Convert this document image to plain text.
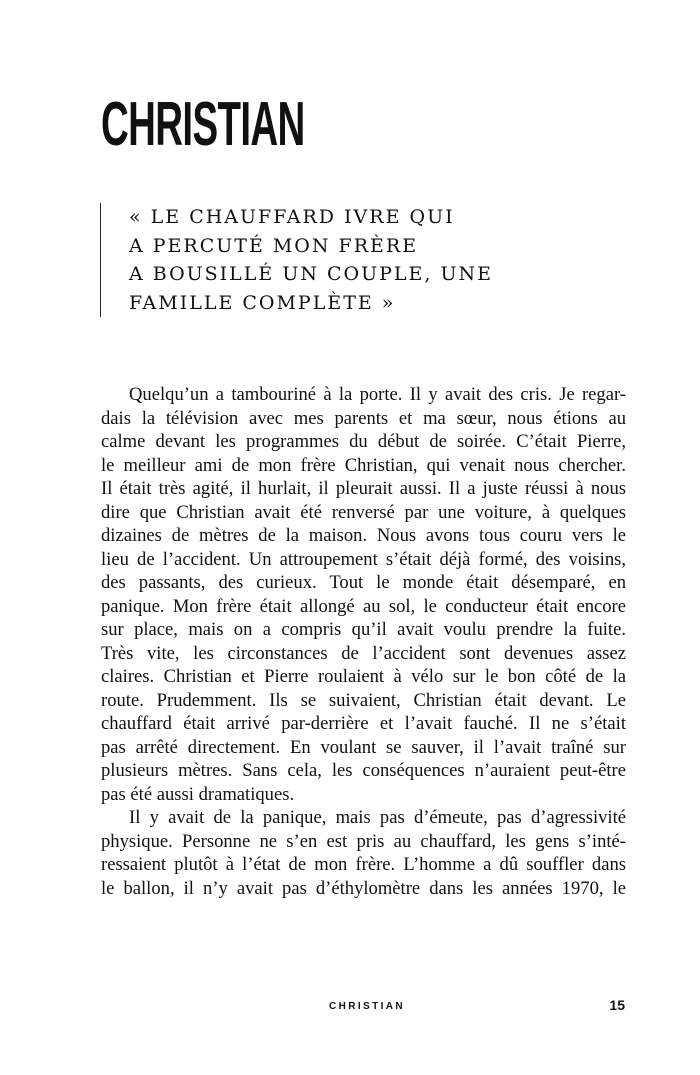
CHRISTIAN
« LE CHAUFFARD IVRE QUI
A PERCUTÉ MON FRÈRE
A BOUSILLÉ UN COUPLE, UNE
FAMILLE COMPLÈTE »
Quelqu’un a tambouriné à la porte. Il y avait des cris. Je regar-
dais la télévision avec mes parents et ma sœur, nous étions au
calme devant les programmes du début de soirée. C’était Pierre,
le meilleur ami de mon frère Christian, qui venait nous chercher.
Il était très agité, il hurlait, il pleurait aussi. Il a juste réussi à nous
dire que Christian avait été renversé par une voiture, à quelques
dizaines de mètres de la maison. Nous avons tous couru vers le
lieu de l’accident. Un attroupement s’était déjà formé, des voisins,
des passants, des curieux. Tout le monde était désemparé, en
panique. Mon frère était allongé au sol, le conducteur était encore
sur place, mais on a compris qu’il avait voulu prendre la fuite.
Très vite, les circonstances de l’accident sont devenues assez
claires. Christian et Pierre roulaient à vélo sur le bon côté de la
route. Prudemment. Ils se suivaient, Christian était devant. Le
chauffard était arrivé par-derrière et l’avait fauché. Il ne s’était
pas arrêté directement. En voulant se sauver, il l’avait traîné sur
plusieurs mètres. Sans cela, les conséquences n’auraient peut-être
pas été aussi dramatiques.
Il y avait de la panique, mais pas d’émeute, pas d’agressivité
physique. Personne ne s’en est pris au chauffard, les gens s’inté-
ressaient plutôt à l’état de mon frère. L’homme a dû souffler dans
le ballon, il n’y avait pas d’éthylomètre dans les années 1970, le
CHRISTIAN	15
